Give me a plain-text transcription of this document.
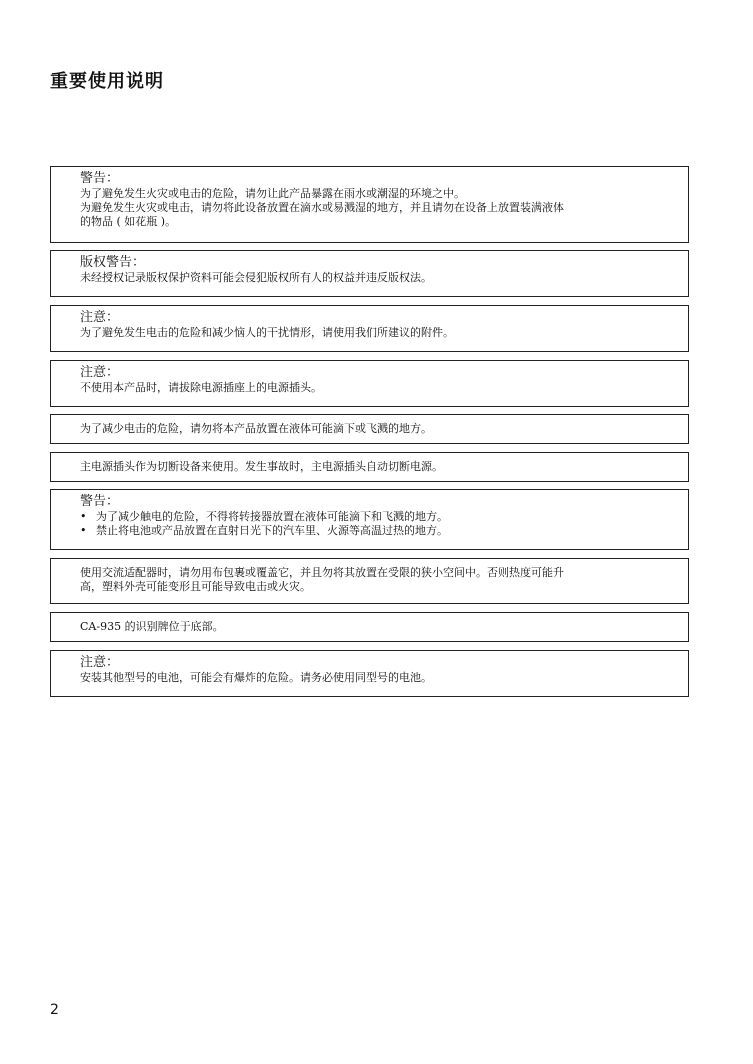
重要使用说明
警告：
为了避免发生火灾或电击的危险，请勿让此产品暴露在雨水或潮湿的环境之中。
为避免发生火灾或电击，请勿将此设备放置在滴水或易溅湿的地方，并且请勿在设备上放置装满液体
的物品 ( 如花瓶 )。
版权警告：
未经授权记录版权保护资料可能会侵犯版权所有人的权益并违反版权法。
注意：
为了避免发生电击的危险和减少恼人的干扰情形，请使用我们所建议的附件。
注意：
不使用本产品时，请拔除电源插座上的电源插头。
为了减少电击的危险，请勿将本产品放置在液体可能滴下或飞溅的地方。
主电源插头作为切断设备来使用。发生事故时，主电源插头自动切断电源。
警告：
• 为了减少触电的危险，不得将转接器放置在液体可能滴下和飞溅的地方。
• 禁止将电池或产品放置在直射日光下的汽车里、火源等高温过热的地方。
使用交流适配器时，请勿用布包裹或覆盖它，并且勿将其放置在受限的狭小空间中。否则热度可能升
高，塑料外壳可能变形且可能导致电击或火灾。
CA-935 的识别牌位于底部。
注意：
安装其他型号的电池，可能会有爆炸的危险。请务必使用同型号的电池。
2
